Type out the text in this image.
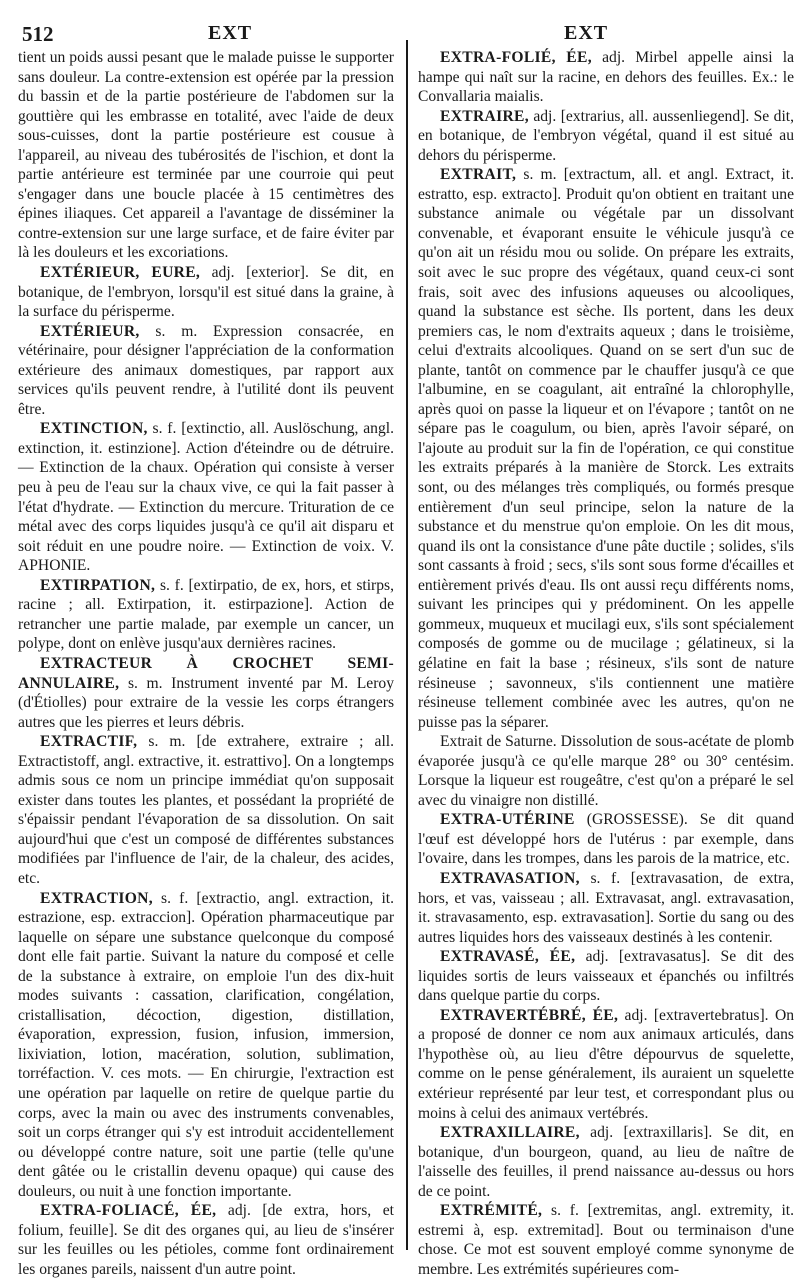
512	EXT	EXT

tient un poids aussi pesant que le malade puisse le supporter sans douleur. La contre-extension est opérée par la pression du bassin et de la partie postérieure de l'abdomen sur la gouttière qui les embrasse en totalité, avec l'aide de deux sous-cuisses, dont la partie postérieure est cousue à l'appareil, au niveau des tubérosités de l'ischion, et dont la partie antérieure est terminée par une courroie qui peut s'engager dans une boucle placée à 15 centimètres des épines iliaques. Cet appareil a l'avantage de disséminer la contre-extension sur une large surface, et de faire éviter par là les douleurs et les excoriations.

EXTÉRIEUR, EURE, adj. [exterior]. Se dit, en botanique, de l'embryon, lorsqu'il est situé dans la graine, à la surface du périsperme.

EXTÉRIEUR, s. m. Expression consacrée, en vétérinaire, pour désigner l'appréciation de la conformation extérieure des animaux domestiques, par rapport aux services qu'ils peuvent rendre, à l'utilité dont ils peuvent être.

EXTINCTION, s. f. [extinctio, all. Auslöschung, angl. extinction, it. estinzione]. Action d'éteindre ou de détruire. — Extinction de la chaux. Opération qui consiste à verser peu à peu de l'eau sur la chaux vive, ce qui la fait passer à l'état d'hydrate. — Extinction du mercure. Trituration de ce métal avec des corps liquides jusqu'à ce qu'il ait disparu et soit réduit en une poudre noire. — Extinction de voix. V. APHONIE.

EXTIRPATION, s. f. [extirpatio, de ex, hors, et stirps, racine ; all. Extirpation, it. estirpazione]. Action de retrancher une partie malade, par exemple un cancer, un polype, dont on enlève jusqu'aux dernières racines.

EXTRACTEUR À CROCHET SEMI-ANNULAIRE, s. m. Instrument inventé par M. Leroy (d'Étiolles) pour extraire de la vessie les corps étrangers autres que les pierres et leurs débris.

EXTRACTIF, s. m. [de extrahere, extraire ; all. Extractistoff, angl. extractive, it. estrattivo]. On a longtemps admis sous ce nom un principe immédiat qu'on supposait exister dans toutes les plantes, et possédant la propriété de s'épaissir pendant l'évaporation de sa dissolution. On sait aujourd'hui que c'est un composé de différentes substances modifiées par l'influence de l'air, de la chaleur, des acides, etc.

EXTRACTION, s. f. [extractio, angl. extraction, it. estrazione, esp. extraccion]. Opération pharmaceutique par laquelle on sépare une substance quelconque du composé dont elle fait partie. Suivant la nature du composé et celle de la substance à extraire, on emploie l'un des dix-huit modes suivants : cassation, clarification, congélation, cristallisation, décoction, digestion, distillation, évaporation, expression, fusion, infusion, immersion, lixiviation, lotion, macération, solution, sublimation, torréfaction. V. ces mots. — En chirurgie, l'extraction est une opération par laquelle on retire de quelque partie du corps, avec la main ou avec des instruments convenables, soit un corps étranger qui s'y est introduit accidentellement ou développé contre nature, soit une partie (telle qu'une dent gâtée ou le cristallin devenu opaque) qui cause des douleurs, ou nuit à une fonction importante.

EXTRA-FOLIACÉ, ÉE, adj. [de extra, hors, et folium, feuille]. Se dit des organes qui, au lieu de s'insérer sur les feuilles ou les pétioles, comme font ordinairement les organes pareils, naissent d'un autre point.

EXTRA-FOLIÉ, ÉE, adj. Mirbel appelle ainsi la hampe qui naît sur la racine, en dehors des feuilles. Ex.: le Convallaria maialis.

EXTRAIRE, adj. [extrarius, all. aussenliegend]. Se dit, en botanique, de l'embryon végétal, quand il est situé au dehors du périsperme.

EXTRAIT, s. m. [extractum, all. et angl. Extract, it. estratto, esp. extracto]. Produit qu'on obtient en traitant une substance animale ou végétale par un dissolvant convenable, et évaporant ensuite le véhicule jusqu'à ce qu'on ait un résidu mou ou solide. On prépare les extraits, soit avec le suc propre des végétaux, quand ceux-ci sont frais, soit avec des infusions aqueuses ou alcooliques, quand la substance est sèche. Ils portent, dans les deux premiers cas, le nom d'extraits aqueux ; dans le troisième, celui d'extraits alcooliques. Quand on se sert d'un suc de plante, tantôt on commence par le chauffer jusqu'à ce que l'albumine, en se coagulant, ait entraîné la chlorophylle, après quoi on passe la liqueur et on l'évapore ; tantôt on ne sépare pas le coagulum, ou bien, après l'avoir séparé, on l'ajoute au produit sur la fin de l'opération, ce qui constitue les extraits préparés à la manière de Storck. Les extraits sont, ou des mélanges très compliqués, ou formés presque entièrement d'un seul principe, selon la nature de la substance et du menstrue qu'on emploie. On les dit mous, quand ils ont la consistance d'une pâte ductile ; solides, s'ils sont cassants à froid ; secs, s'ils sont sous forme d'écailles et entièrement privés d'eau. Ils ont aussi reçu différents noms, suivant les principes qui y prédominent. On les appelle gommeux, muqueux et mucilagi eux, s'ils sont spécialement composés de gomme ou de mucilage ; gélatineux, si la gélatine en fait la base ; résineux, s'ils sont de nature résineuse ; savonneux, s'ils contiennent une matière résineuse tellement combinée avec les autres, qu'on ne puisse pas la séparer.

Extrait de Saturne. Dissolution de sous-acétate de plomb évaporée jusqu'à ce qu'elle marque 28° ou 30° centésim. Lorsque la liqueur est rougeâtre, c'est qu'on a préparé le sel avec du vinaigre non distillé.

EXTRA-UTÉRINE (GROSSESSE). Se dit quand l'œuf est développé hors de l'utérus : par exemple, dans l'ovaire, dans les trompes, dans les parois de la matrice, etc.

EXTRAVASATION, s. f. [extravasation, de extra, hors, et vas, vaisseau ; all. Extravasat, angl. extravasation, it. stravasamento, esp. extravasation]. Sortie du sang ou des autres liquides hors des vaisseaux destinés à les contenir.

EXTRAVASÉ, ÉE, adj. [extravasatus]. Se dit des liquides sortis de leurs vaisseaux et épanchés ou infiltrés dans quelque partie du corps.

EXTRAVERTÉBRÉ, ÉE, adj. [extravertebratus]. On a proposé de donner ce nom aux animaux articulés, dans l'hypothèse où, au lieu d'être dépourvus de squelette, comme on le pense généralement, ils auraient un squelette extérieur représenté par leur test, et correspondant plus ou moins à celui des animaux vertébrés.

EXTRAXILLAIRE, adj. [extraxillaris]. Se dit, en botanique, d'un bourgeon, quand, au lieu de naître de l'aisselle des feuilles, il prend naissance au-dessus ou hors de ce point.

EXTRÉMITÉ, s. f. [extremitas, angl. extremity, it. estremi à, esp. extremitad]. Bout ou terminaison d'une chose. Ce mot est souvent employé comme synonyme de membre. Les extrémités supérieures com-
